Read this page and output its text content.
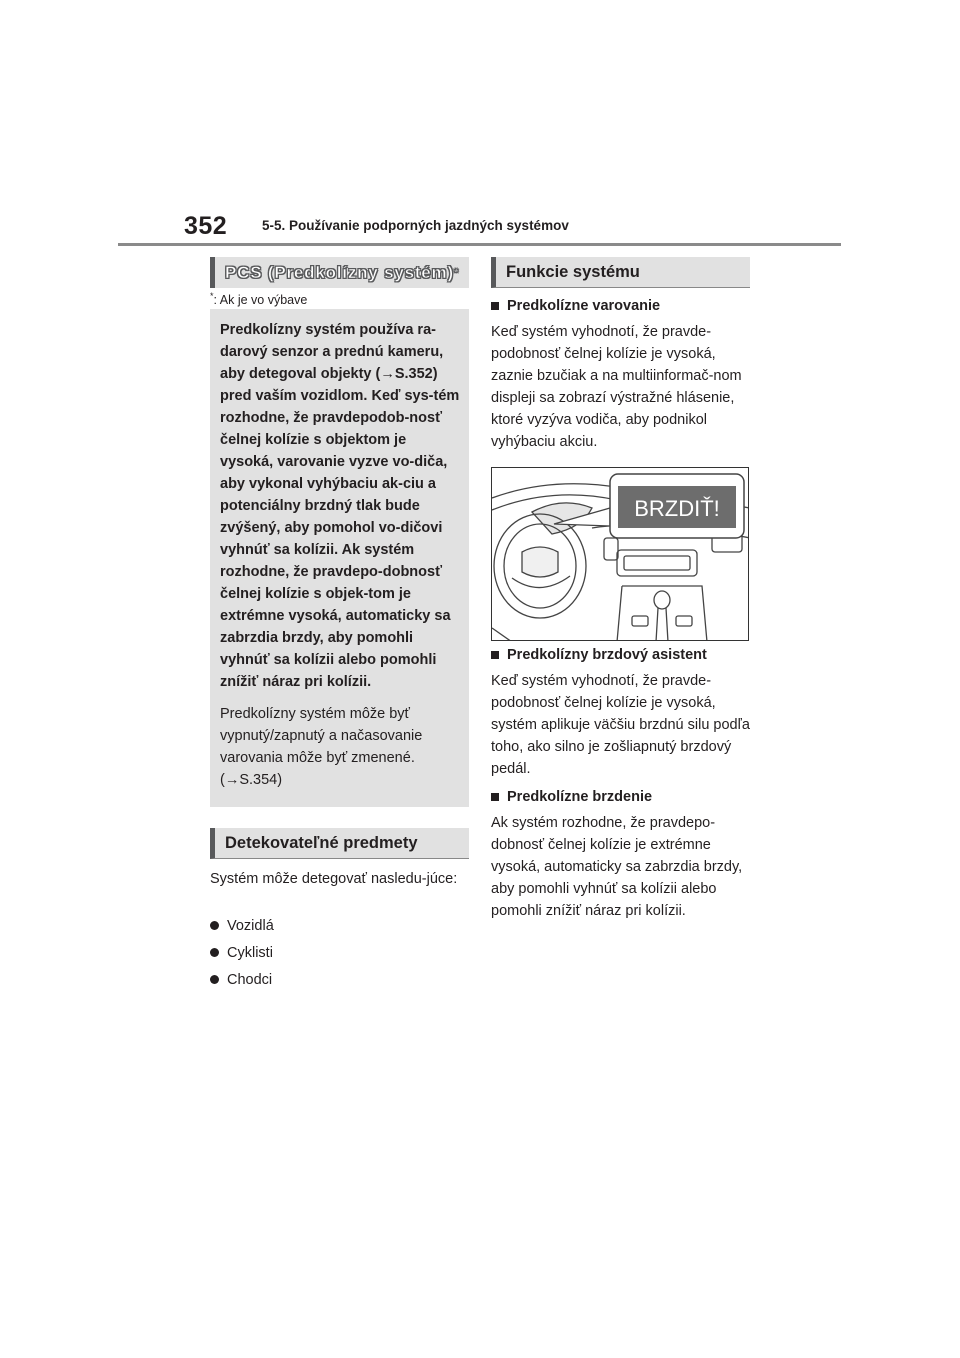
352	5-5. Používanie podporných jazdných systémov
PCS (Predkolízny systém) *
*: Ak je vo výbave

Predkolízny systém používa ra-darový senzor a prednú kameru, aby detegoval objekty (→S.352) pred vaším vozidlom. Keď sys-tém rozhodne, že pravdepodob-nosť čelnej kolízie s objektom je vysoká, varovanie vyzve vo-diča, aby vykonal vyhýbaciu ak-ciu a potenciálny brzdný tlak bude zvýšený, aby pomohol vo-dičovi vyhnúť sa kolízii. Ak systém rozhodne, že pravdepo-dobnosť čelnej kolízie s objek-tom je extrémne vysoká, automaticky sa zabrzdia brzdy, aby pomohli vyhnúť sa kolízii alebo pomohli znížiť náraz pri kolízii.

Predkolízny systém môže byť vypnutý/zapnutý a načasovanie varovania môže byť zmenené. (→S.354)

Detekovateľné predmety
Systém môže detegovať nasledu-júce:
Vozidlá
Cyklisti
Chodci
Funkcie systému
Predkolízne varovanie
Keď systém vyhodnotí, že pravde-podobnosť čelnej kolízie je vysoká, zaznie bzučiak a na multiinformač-nom displeji sa zobrazí výstražné hlásenie, ktoré vyzýva vodiča, aby podnikol vyhýbaciu akciu.
BRZDIŤ!
Predkolízny brzdový asistent
Keď systém vyhodnotí, že pravde-podobnosť čelnej kolízie je vysoká, systém aplikuje väčšiu brzdnú silu podľa toho, ako silno je zošliapnutý brzdový pedál.
Predkolízne brzdenie
Ak systém rozhodne, že pravdepo-dobnosť čelnej kolízie je extrémne vysoká, automaticky sa zabrzdia brzdy, aby pomohli vyhnúť sa kolízii alebo pomohli znížiť náraz pri kolízii.
